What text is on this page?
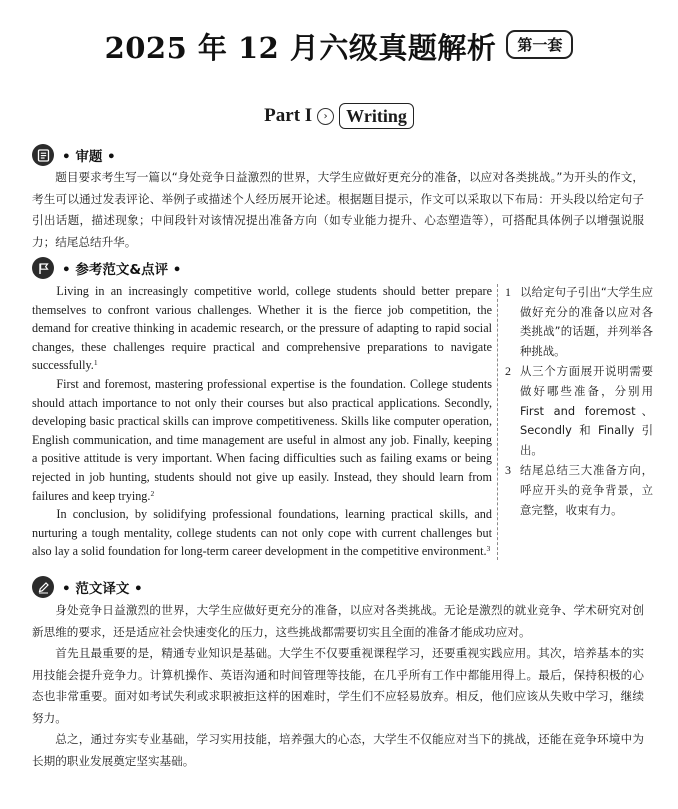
2025 年 12 月六级真题解析	第一套
Part I	›	Writing
• 审题 •

题目要求考生写一篇以“身处竞争日益激烈的世界，大学生应做好更充分的准备，以应对各类挑战。”为开头的作文，考生可以通过发表评论、举例子或描述个人经历展开论述。根据题目提示，作文可以采取以下布局：开头段以给定句子引出话题，描述现象；中间段针对该情况提出准备方向（如专业能力提升、心态塑造等），可搭配具体例子以增强说服力；结尾总结升华。

• 参考范文&点评 •

Living in an increasingly competitive world, college students should better prepare themselves to confront various challenges. Whether it is the fierce job competition, the demand for creative thinking in academic research, or the pressure of adapting to rapid social changes, these challenges require practical and comprehensive preparations to navigate successfully.$^1$

First and foremost, mastering professional expertise is the foundation. College students should attach importance to not only their courses but also practical applications. Secondly, developing basic practical skills can improve competitiveness. Skills like computer operation, English communication, and time management are useful in almost any job. Finally, keeping a positive attitude is very important. When facing difficulties such as failing exams or being rejected in job hunting, students should not give up easily. Instead, they should learn from failures and keep trying.$^2$

In conclusion, by solidifying professional foundations, learning practical skills, and nurturing a tough mentality, college students can not only cope with current challenges but also lay a solid foundation for long-term career development in the competitive environment.$^3$

1 以给定句子引出“大学生应做好充分的准备以应对各类挑战”的话题，并列举各种挑战。
2 从三个方面展开说明需要做好哪些准备，分别用First and foremost、Secondly和Finally引出。
3 结尾总结三大准备方向，呼应开头的竞争背景，立意完整，收束有力。
• 范文译文 •

身处竞争日益激烈的世界，大学生应做好更充分的准备，以应对各类挑战。无论是激烈的就业竞争、学术研究对创新思维的要求，还是适应社会快速变化的压力，这些挑战都需要切实且全面的准备才能成功应对。

首先且最重要的是，精通专业知识是基础。大学生不仅要重视课程学习，还要重视实践应用。其次，培养基本的实用技能会提升竞争力。计算机操作、英语沟通和时间管理等技能，在几乎所有工作中都能用得上。最后，保持积极的心态也非常重要。面对如考试失利或求职被拒这样的困难时，学生们不应轻易放弃。相反，他们应该从失败中学习，继续努力。

总之，通过夯实专业基础，学习实用技能，培养强大的心态，大学生不仅能应对当下的挑战，还能在竞争环境中为长期的职业发展奠定坚实基础。
